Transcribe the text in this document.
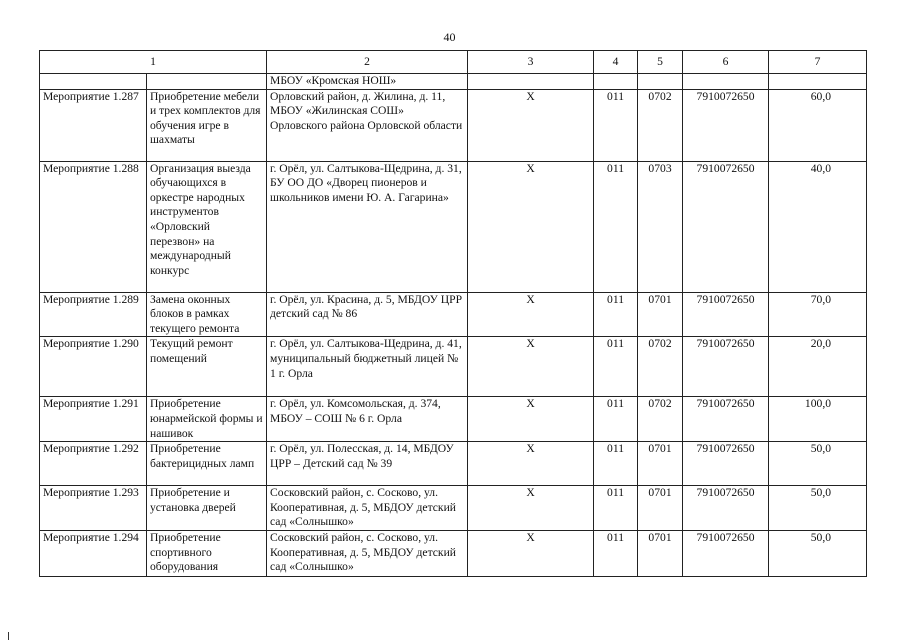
40
1		2	3	4	5	6	7
		МБОУ «Кромская НОШ»					
Мероприятие 1.287	Приобретение мебели и трех комплектов для обучения игре в шахматы	Орловский район, д. Жилина, д. 11, МБОУ «Жилинская СОШ» Орловского района Орловской области	Х	011	0702	7910072650	60,0
Мероприятие 1.288	Организация выезда обучающихся в оркестре народных инструментов «Орловский перезвон» на международный конкурс	г. Орёл, ул. Салтыкова-Щедрина, д. 31, БУ ОО ДО «Дворец пионеров и школьников имени Ю. А. Гагарина»	Х	011	0703	7910072650	40,0
Мероприятие 1.289	Замена оконных блоков в рамках текущего ремонта	г. Орёл, ул. Красина, д. 5, МБДОУ ЦРР детский сад № 86	Х	011	0701	7910072650	70,0
Мероприятие 1.290	Текущий ремонт помещений	г. Орёл, ул. Салтыкова-Щедрина, д. 41, муниципальный бюджетный лицей № 1 г. Орла	Х	011	0702	7910072650	20,0
Мероприятие 1.291	Приобретение юнармейской формы и нашивок	г. Орёл, ул. Комсомольская, д. 374, МБОУ – СОШ № 6 г. Орла	Х	011	0702	7910072650	100,0
Мероприятие 1.292	Приобретение бактерицидных ламп	г. Орёл, ул. Полесская, д. 14, МБДОУ ЦРР – Детский сад № 39	Х	011	0701	7910072650	50,0
Мероприятие 1.293	Приобретение и установка дверей	Сосковский район, с. Сосково, ул. Кооперативная, д. 5, МБДОУ детский сад «Солнышко»	Х	011	0701	7910072650	50,0
Мероприятие 1.294	Приобретение спортивного оборудования	Сосковский район, с. Сосково, ул. Кооперативная, д. 5, МБДОУ детский сад «Солнышко»	Х	011	0701	7910072650	50,0
